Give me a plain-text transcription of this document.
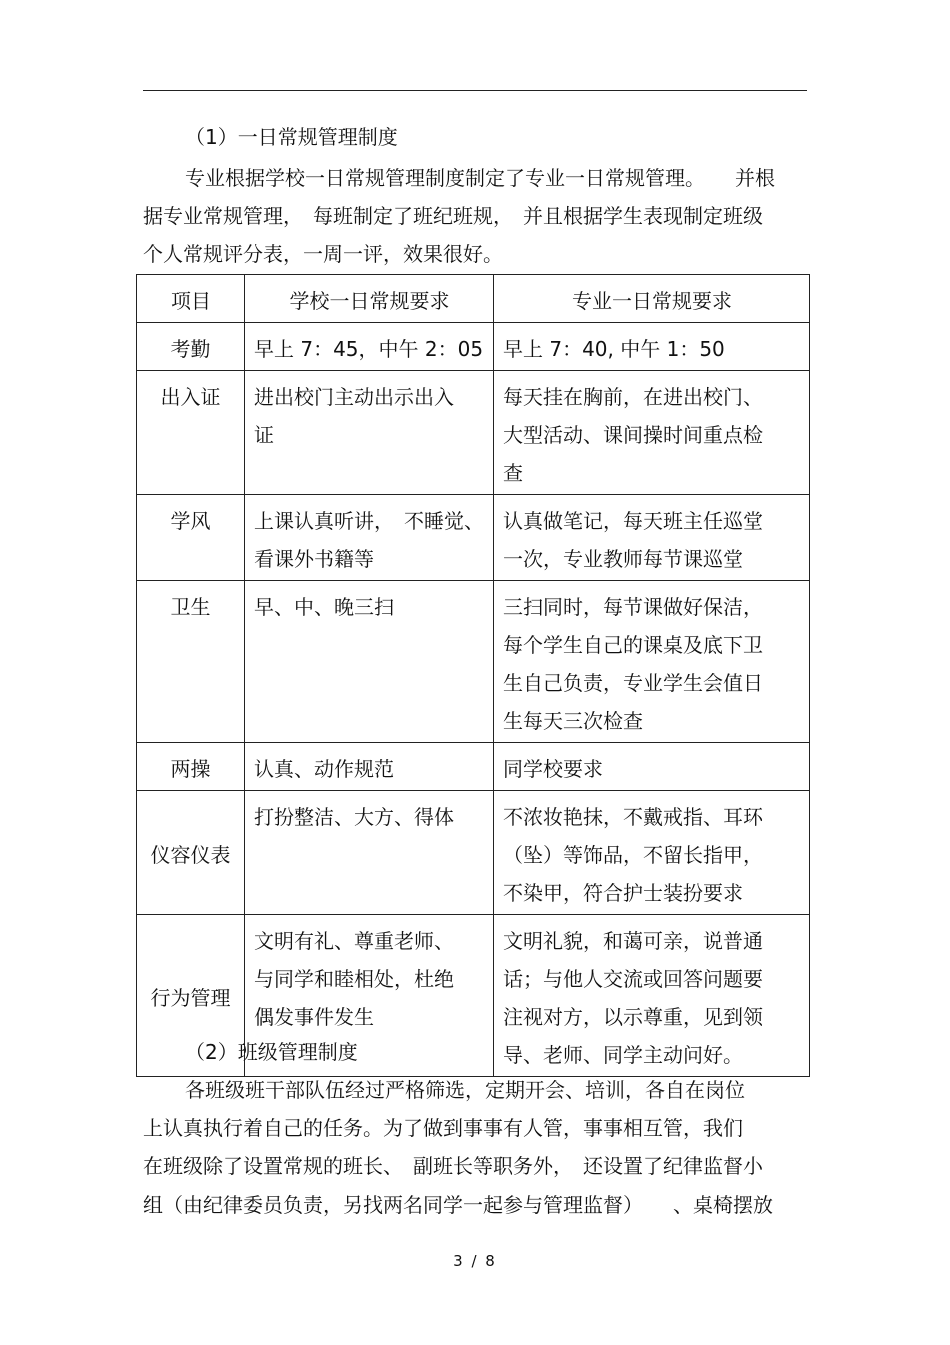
（1）一日常规管理制度
专业根据学校一日常规管理制度制定了专业一日常规管理。　　并根
据专业常规管理，　每班制定了班纪班规，　并且根据学生表现制定班级
个人常规评分表，一周一评，效果很好。
项目	学校一日常规要求	专业一日常规要求

考勤	早上 7：45，中午 2：05	早上 7：40, 中午 1：50

出入证	进出校门主动出示出入
证	每天挂在胸前，在进出校门、
大型活动、课间操时间重点检
查

学风	上课认真听讲，　不睡觉、
看课外书籍等	认真做笔记，每天班主任巡堂
一次，专业教师每节课巡堂

卫生	早、中、晚三扫	三扫同时，每节课做好保洁，
每个学生自己的课桌及底下卫
生自己负责，专业学生会值日
生每天三次检查

两操	认真、动作规范	同学校要求

仪容仪表	打扮整洁、大方、得体	不浓妆艳抹，不戴戒指、耳环
（坠）等饰品，不留长指甲，
不染甲，符合护士装扮要求

行为管理	文明有礼、尊重老师、
与同学和睦相处，杜绝
偶发事件发生	文明礼貌，和蔼可亲，说普通
话；与他人交流或回答问题要
注视对方，以示尊重，见到领
导、老师、同学主动问好。
（2）班级管理制度
各班级班干部队伍经过严格筛选，定期开会、培训，各自在岗位
上认真执行着自己的任务。为了做到事事有人管，事事相互管，我们
在班级除了设置常规的班长、　副班长等职务外，　还设置了纪律监督小
组（由纪律委员负责，另找两名同学一起参与管理监督）　　、桌椅摆放
3 / 8
